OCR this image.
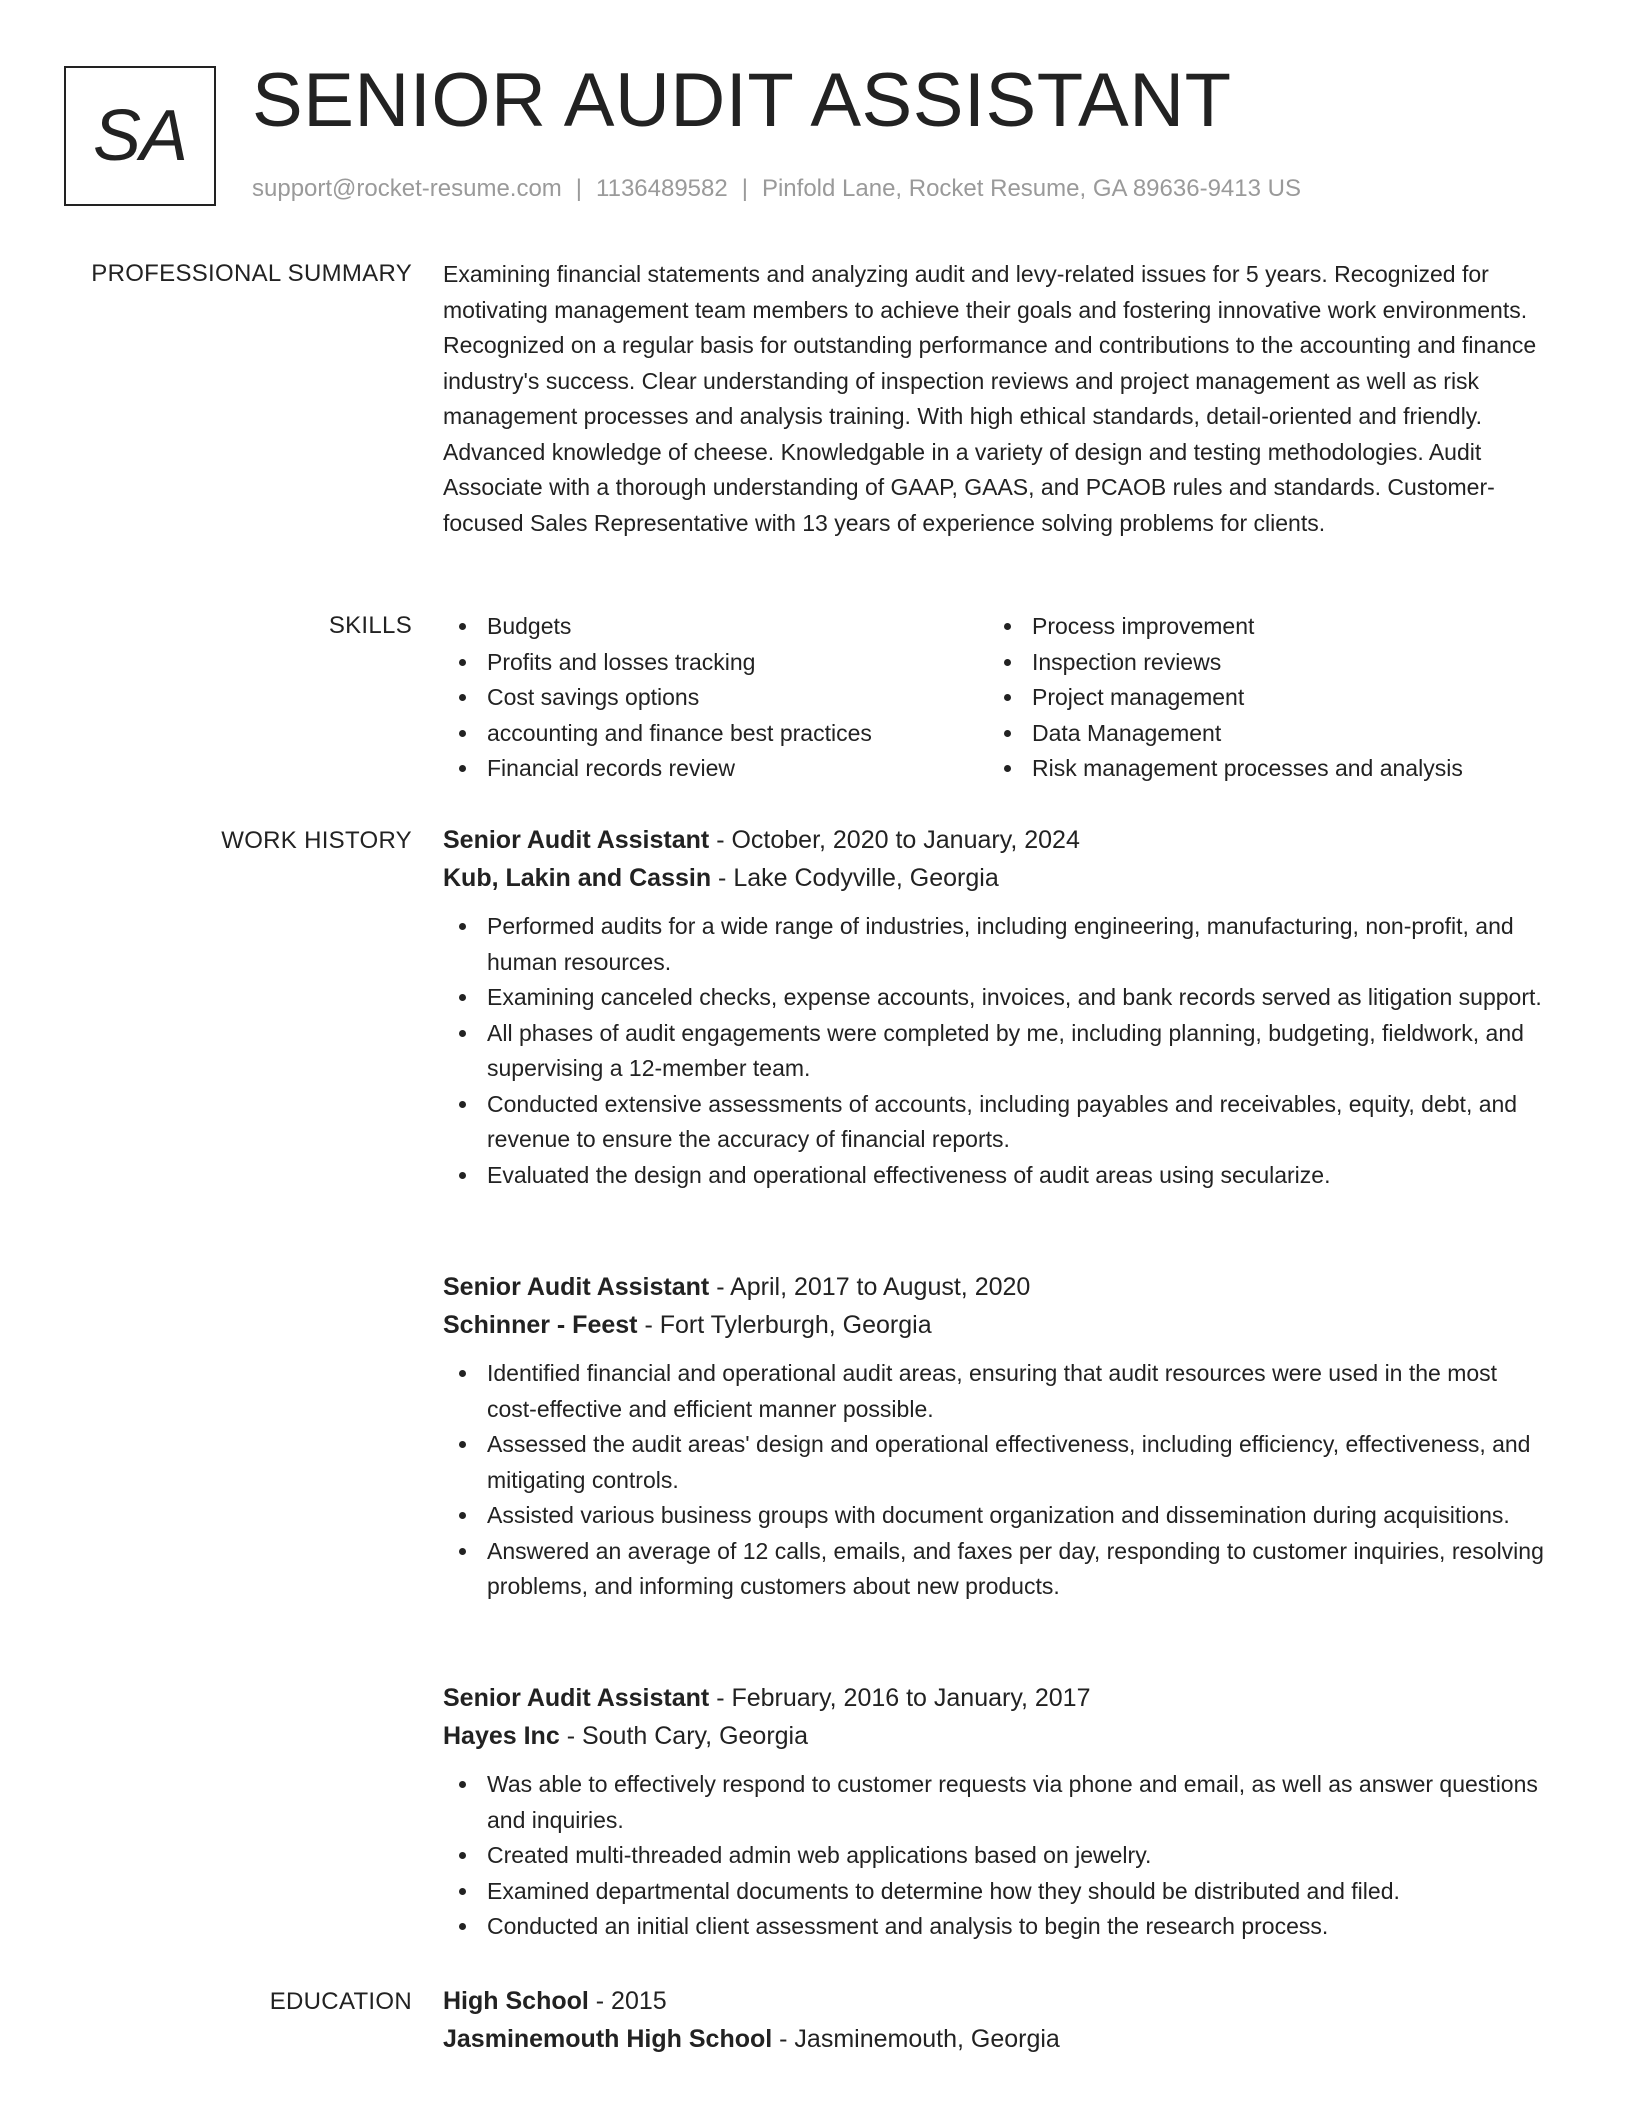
SA SENIOR AUDIT ASSISTANT
support@rocket-resume.com | 1136489582 | Pinfold Lane, Rocket Resume, GA 89636-9413 US
PROFESSIONAL SUMMARY Examining financial statements and analyzing audit and levy-related issues for 5 years. Recognized for motivating management team members to achieve their goals and fostering innovative work environments. Recognized on a regular basis for outstanding performance and contributions to the accounting and finance industry's success. Clear understanding of inspection reviews and project management as well as risk management processes and analysis training. With high ethical standards, detail-oriented and friendly. Advanced knowledge of cheese. Knowledgable in a variety of design and testing methodologies. Audit Associate with a thorough understanding of GAAP, GAAS, and PCAOB rules and standards. Customer-focused Sales Representative with 13 years of experience solving problems for clients.

SKILLS	Budgets
Profits and losses tracking
Cost savings options
accounting and finance best practices
Financial records review
Process improvement
Inspection reviews
Project management
Data Management
Risk management processes and analysis
WORK HISTORY Senior Audit Assistant - October, 2020 to January, 2024
Kub, Lakin and Cassin - Lake Codyville, Georgia
Performed audits for a wide range of industries, including engineering, manufacturing, non-profit, and human resources.
Examining canceled checks, expense accounts, invoices, and bank records served as litigation support.
All phases of audit engagements were completed by me, including planning, budgeting, fieldwork, and supervising a 12-member team.
Conducted extensive assessments of accounts, including payables and receivables, equity, debt, and revenue to ensure the accuracy of financial reports.
Evaluated the design and operational effectiveness of audit areas using secularize.
Senior Audit Assistant - April, 2017 to August, 2020
Schinner - Feest - Fort Tylerburgh, Georgia
Identified financial and operational audit areas, ensuring that audit resources were used in the most cost-effective and efficient manner possible.
Assessed the audit areas' design and operational effectiveness, including efficiency, effectiveness, and mitigating controls.
Assisted various business groups with document organization and dissemination during acquisitions.
Answered an average of 12 calls, emails, and faxes per day, responding to customer inquiries, resolving problems, and informing customers about new products.
Senior Audit Assistant - February, 2016 to January, 2017
Hayes Inc - South Cary, Georgia
Was able to effectively respond to customer requests via phone and email, as well as answer questions and inquiries.
Created multi-threaded admin web applications based on jewelry.
Examined departmental documents to determine how they should be distributed and filed.
Conducted an initial client assessment and analysis to begin the research process.
EDUCATION High School - 2015
Jasminemouth High School - Jasminemouth, Georgia
